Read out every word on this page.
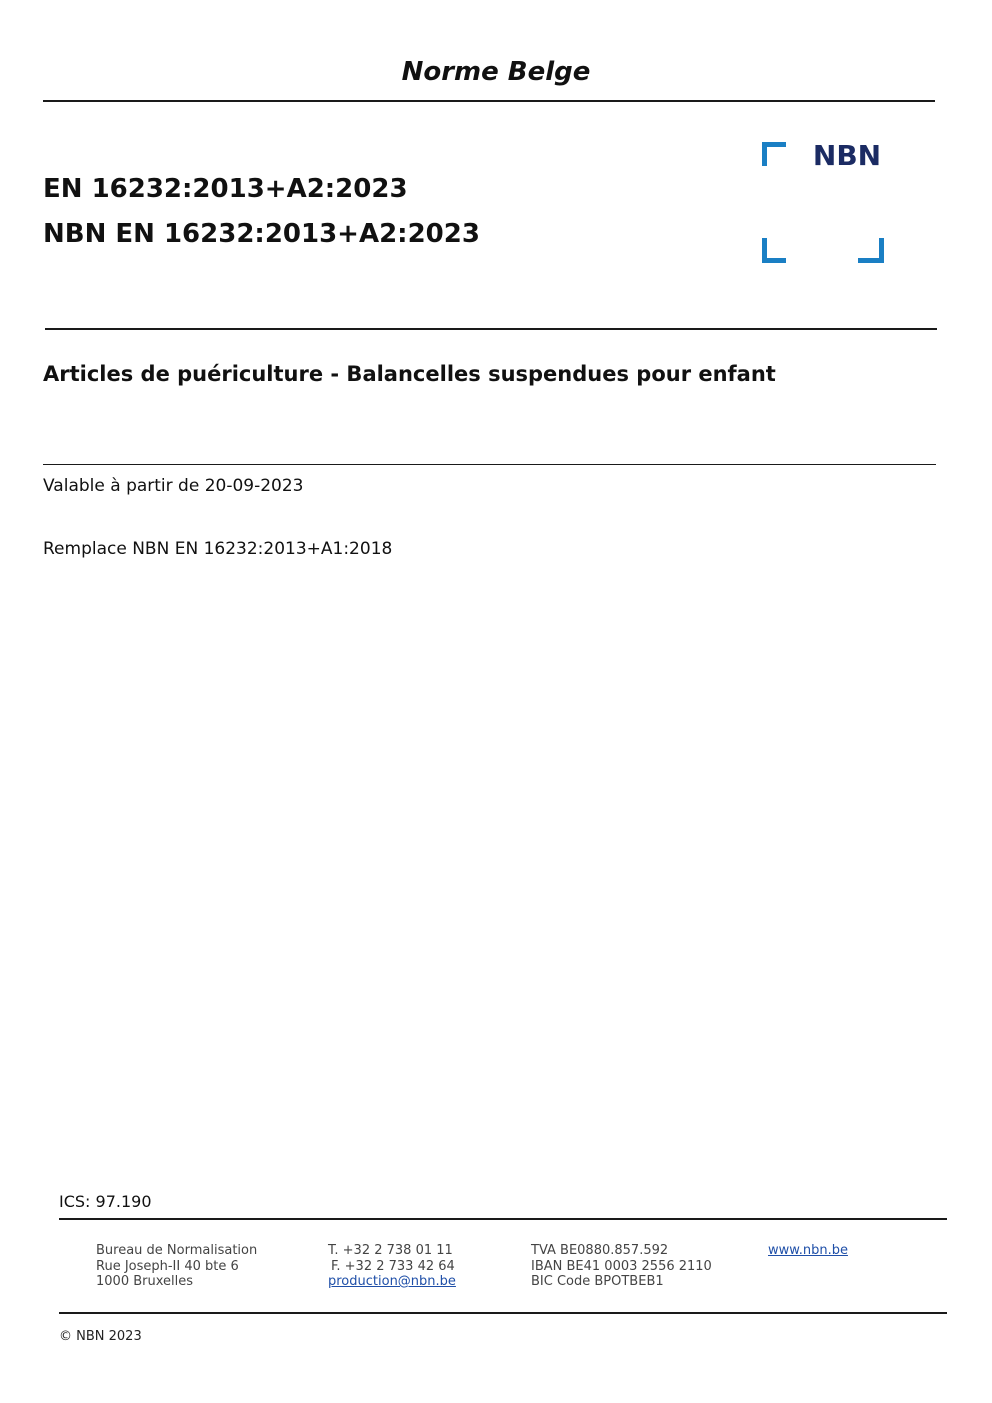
Norme Belge
EN 16232:2013+A2:2023
NBN EN 16232:2013+A2:2023
NBN
Articles de puériculture - Balancelles suspendues pour enfant
Valable à partir de 20-09-2023
Remplace NBN EN 16232:2013+A1:2018
ICS: 97.190
Bureau de Normalisation
Rue Joseph-II 40 bte 6
1000 Bruxelles
T. +32 2 738 01 11
F. +32 2 733 42 64
production@nbn.be
TVA BE0880.857.592
IBAN BE41 0003 2556 2110
BIC Code BPOTBEB1
www.nbn.be
© NBN 2023
